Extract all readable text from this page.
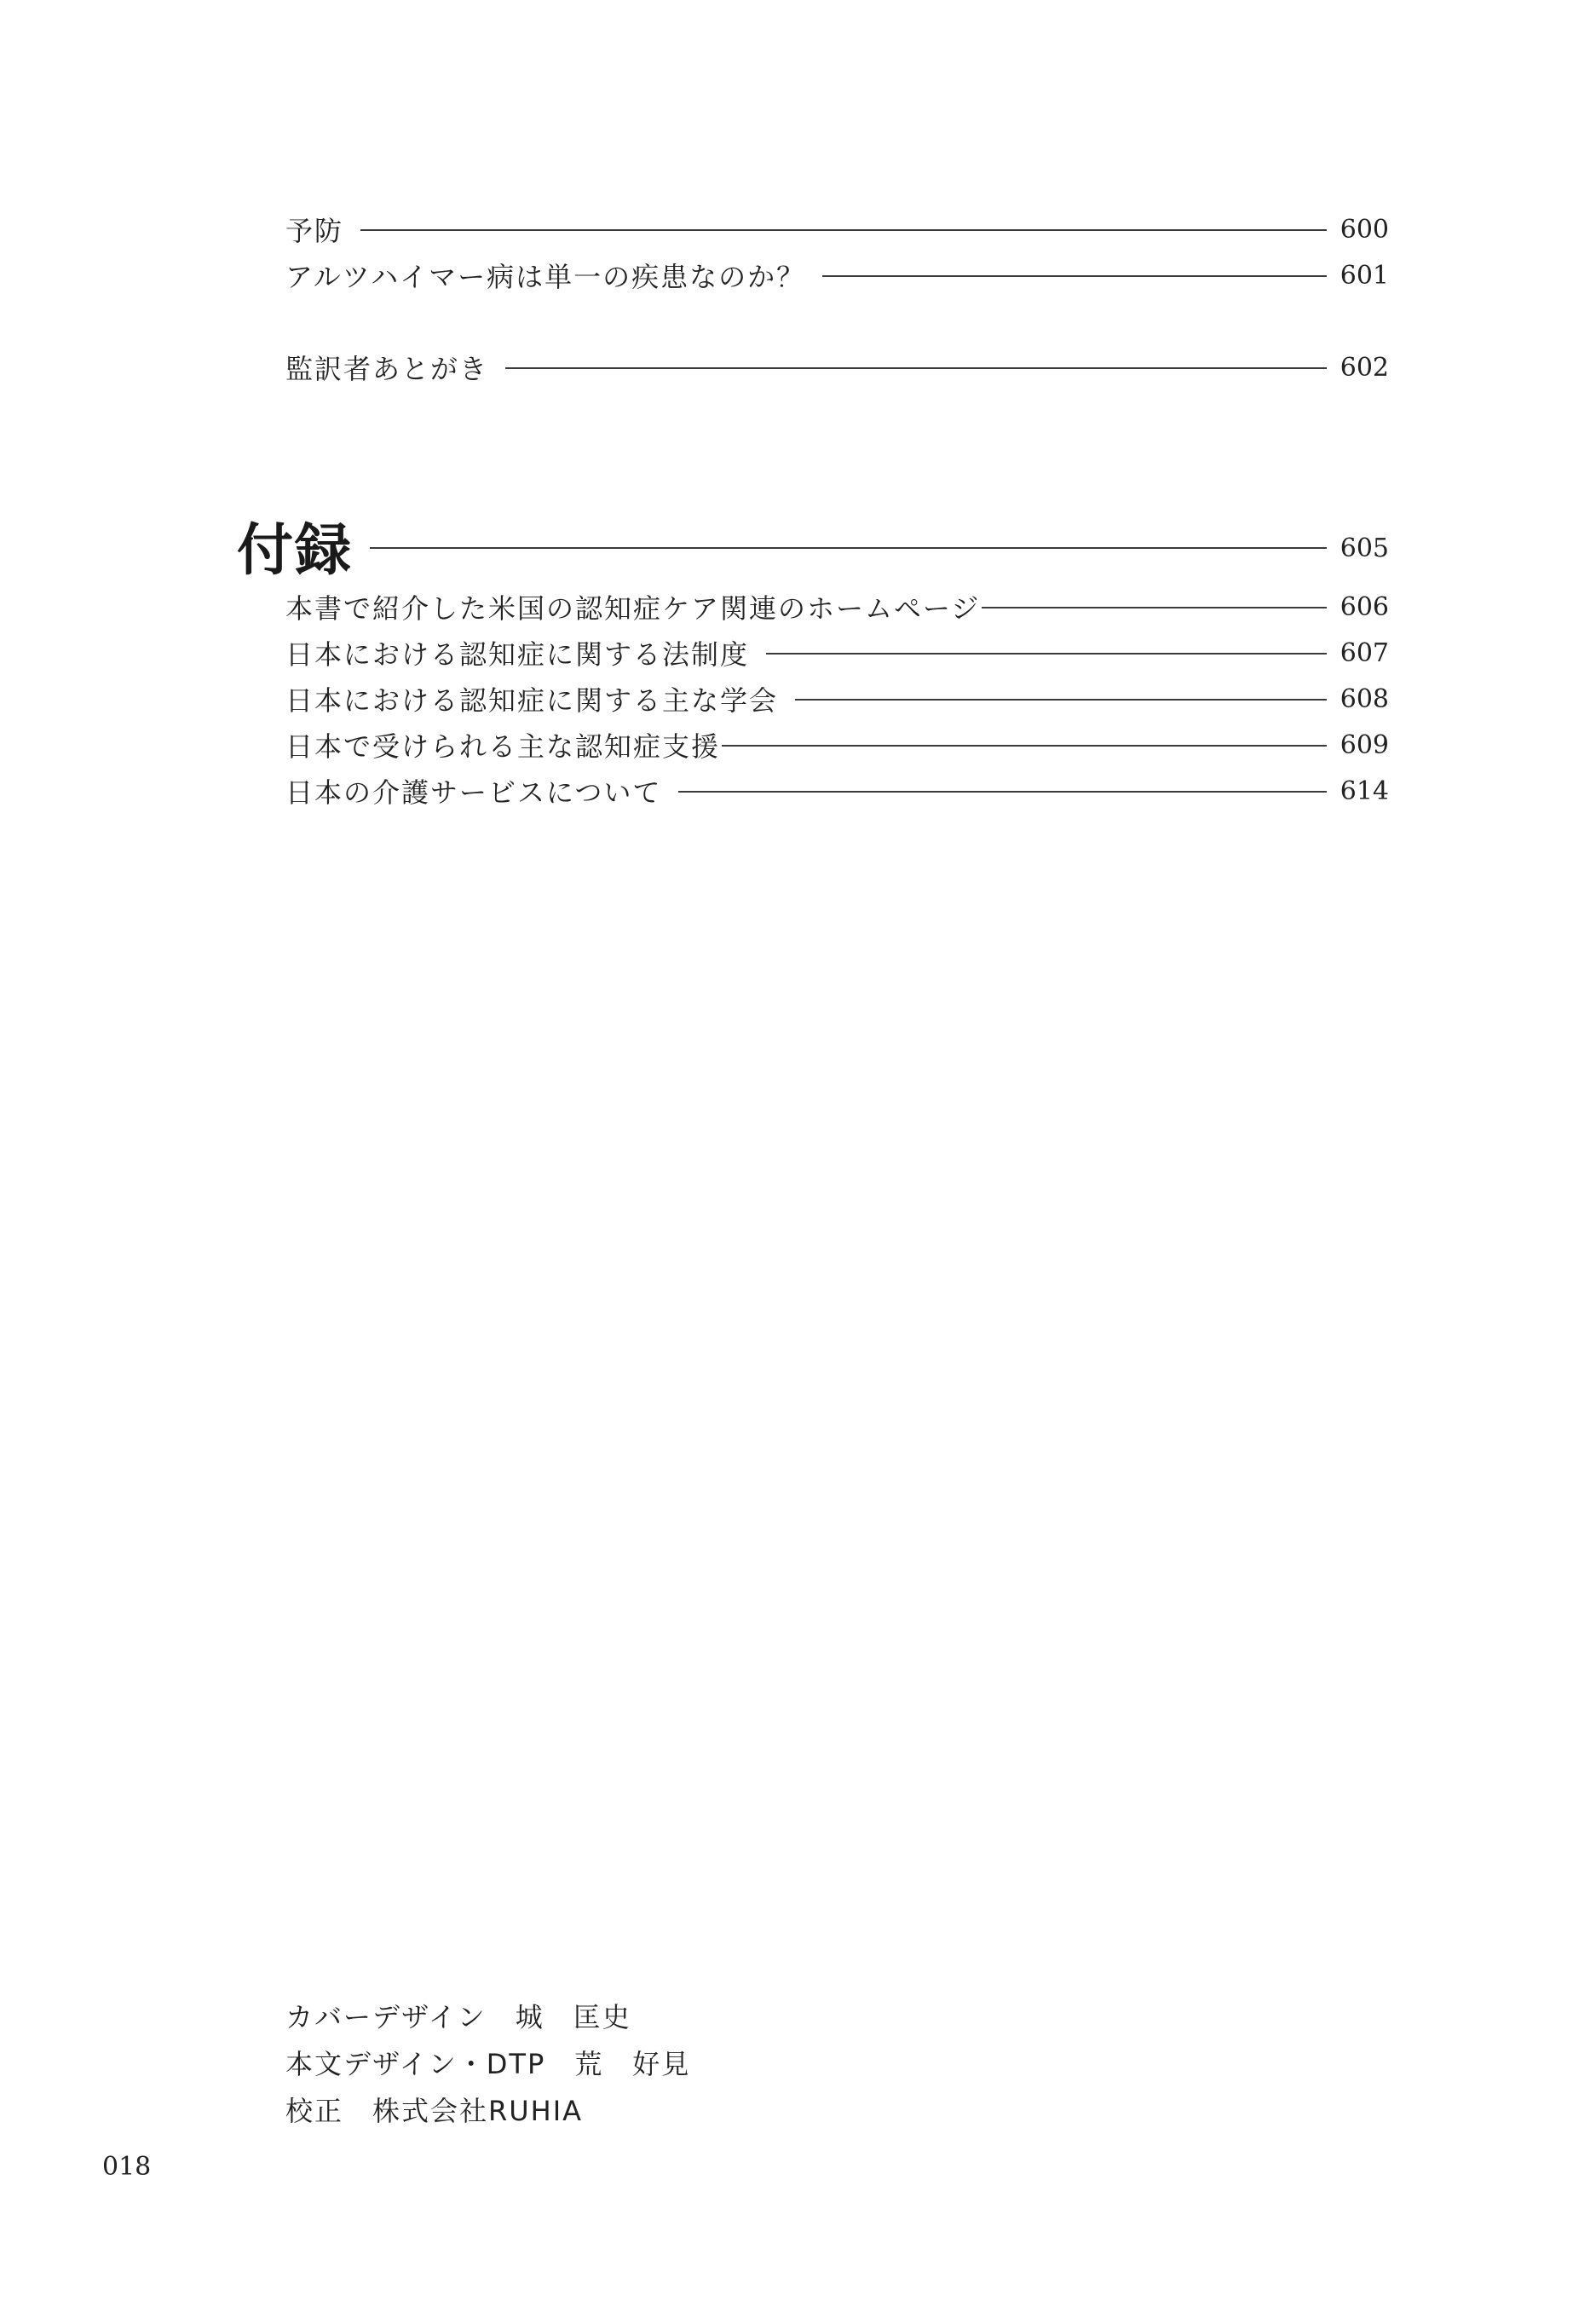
予防	600
アルツハイマー病は単一の疾患なのか？	601
監訳者あとがき	602
付録	605
本書で紹介した米国の認知症ケア関連のホームページ	606
日本における認知症に関する法制度	607
日本における認知症に関する主な学会	608
日本で受けられる主な認知症支援	609
日本の介護サービスについて	614
カバーデザイン　城　匡史
本文デザイン・DTP　荒　好見
校正　株式会社RUHIA
018
